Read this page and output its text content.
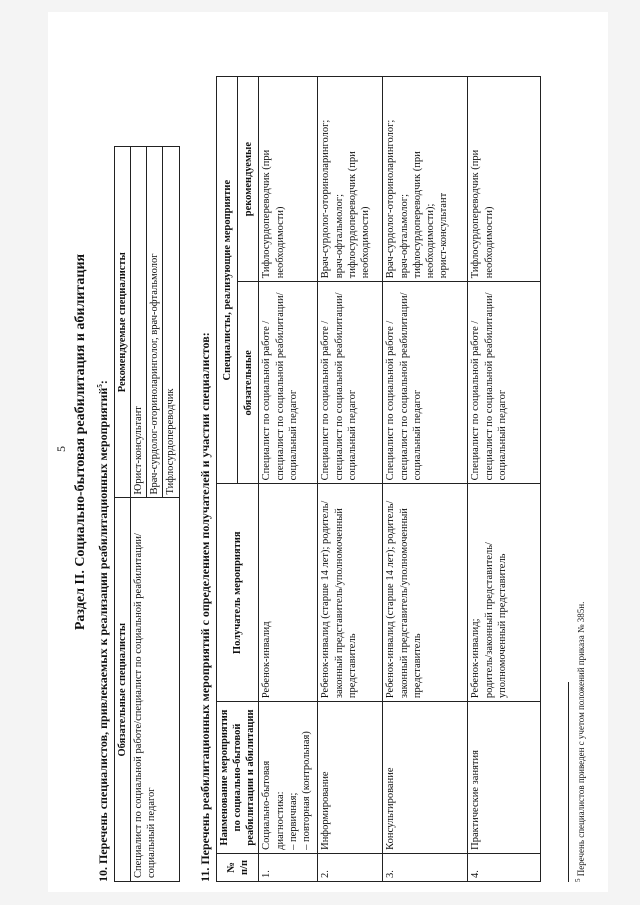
5 Раздел II. Социально-бытовая реабилитация и абилитация 10. Перечень специалистов, привлекаемых к реализации реабилитационных мероприятий$^5$:
Обязательные специалисты	Рекомендуемые специалисты
Специалист по социальной работе/специалист по социальной реабилитации/социальный педагог	Юрист-консультант
	Врач-сурдолог-оториноларинголог, врач-офтальмолог
	Тифлосурдопереводчик 11. Перечень реабилитационных мероприятий с определением получателей и участии специалистов: № п/п	Наименование мероприятия по социально-бытовой реабилитации и абилитации	Получатель мероприятия	Специалисты, реализующие мероприятие	
			обязательные	рекомендуемые
1.	Социально-бытовая диагностика:
– первичная;
– повторная (контрольная)	Ребенок-инвалид	Специалист по социальной работе /специалист по социальной реабилитации/социальный педагог	Тифлосурдопереводчик (при необходимости)
2.	Информирование	Ребенок-инвалид (старше 14 лет); родитель/законный представитель/уполномоченный представитель	Специалист по социальной работе /специалист по социальной реабилитации/социальный педагог	Врач-сурдолог-оториноларинголог;
врач-офтальмолог;
тифлосурдопереводчик (при необходимости)
3.	Консультирование	Ребенок-инвалид (старше 14 лет); родитель/законный представитель/уполномоченный представитель	Специалист по социальной работе /специалист по социальной реабилитации/социальный педагог	Врач-сурдолог-оториноларинголог;
врач-офтальмолог;
тифлосурдопереводчик (при необходимости);
юрист-консультант
4.	Практические занятия	Ребенок-инвалид;
родитель/законный представитель/уполномоченный представитель	Специалист по социальной работе /специалист по социальной реабилитации/социальный педагог	Тифлосурдопереводчик (при необходимости)
$^5$ Перечень специалистов приведен с учетом положений приказа № 385н.
